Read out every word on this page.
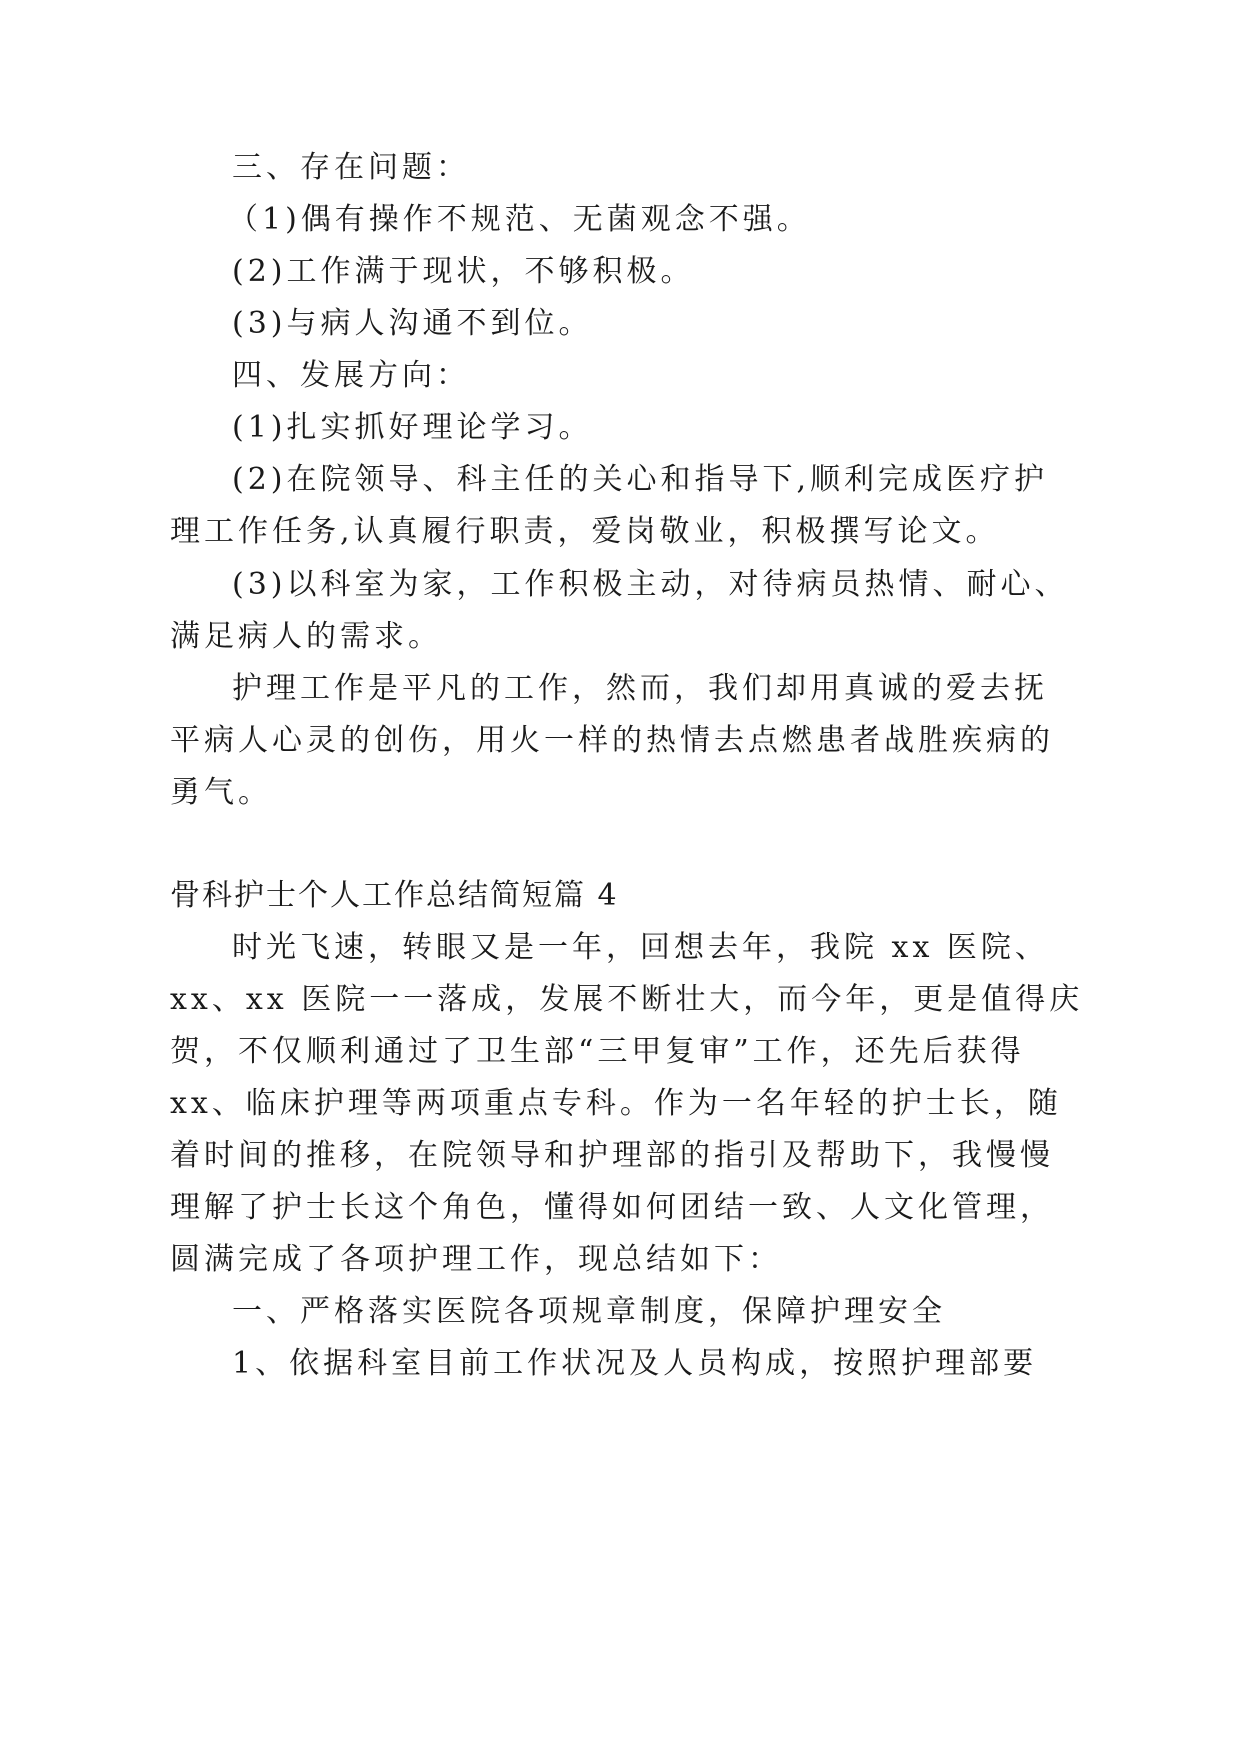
三、存在问题：
（1)偶有操作不规范、无菌观念不强。
(2)工作满于现状，不够积极。
(3)与病人沟通不到位。
四、发展方向：
(1)扎实抓好理论学习。
(2)在院领导、科主任的关心和指导下,顺利完成医疗护
理工作任务,认真履行职责，爱岗敬业，积极撰写论文。
(3)以科室为家，工作积极主动，对待病员热情、耐心、
满足病人的需求。
护理工作是平凡的工作，然而，我们却用真诚的爱去抚
平病人心灵的创伤，用火一样的热情去点燃患者战胜疾病的
勇气。
骨科护士个人工作总结简短篇 4
时光飞速，转眼又是一年，回想去年，我院 xx 医院、
xx、xx 医院一一落成，发展不断壮大，而今年，更是值得庆
贺，不仅顺利通过了卫生部“三甲复审”工作，还先后获得
xx、临床护理等两项重点专科。作为一名年轻的护士长，随
着时间的推移，在院领导和护理部的指引及帮助下，我慢慢
理解了护士长这个角色，懂得如何团结一致、人文化管理，
圆满完成了各项护理工作，现总结如下：
一、严格落实医院各项规章制度，保障护理安全
1、依据科室目前工作状况及人员构成，按照护理部要
